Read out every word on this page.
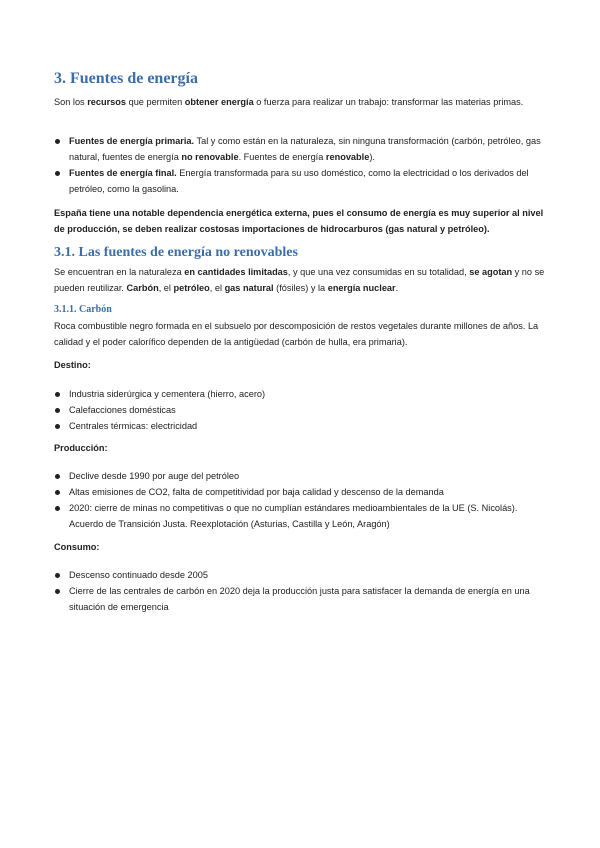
3. Fuentes de energía

Son los recursos que permiten obtener energía o fuerza para realizar un trabajo: transformar las materias primas.

Fuentes de energía primaria. Tal y como están en la naturaleza, sin ninguna transformación (carbón, petróleo, gas natural, fuentes de energía no renovable. Fuentes de energía renovable).
Fuentes de energía final. Energía transformada para su uso doméstico, como la electricidad o los derivados del petróleo, como la gasolina.

España tiene una notable dependencia energética externa, pues el consumo de energía es muy superior al nivel de producción, se deben realizar costosas importaciones de hidrocarburos (gas natural y petróleo).

3.1. Las fuentes de energía no renovables

Se encuentran en la naturaleza en cantidades limitadas, y que una vez consumidas en su totalidad, se agotan y no se pueden reutilizar. Carbón, el petróleo, el gas natural (fósiles) y la energía nuclear.

3.1.1. Carbón

Roca combustible negro formada en el subsuelo por descomposición de restos vegetales durante millones de años. La calidad y el poder calorífico dependen de la antigüedad (carbón de hulla, era primaria).

Destino:

Industria siderúrgica y cementera (hierro, acero)
Calefacciones domésticas
Centrales térmicas: electricidad

Producción:

Declive desde 1990 por auge del petróleo
Altas emisiones de CO2, falta de competitividad por baja calidad y descenso de la demanda
2020: cierre de minas no competitivas o que no cumplían estándares medioambientales de la UE (S. Nicolás). Acuerdo de Transición Justa. Reexplotación (Asturias, Castilla y León, Aragón)

Consumo:

Descenso continuado desde 2005
Cierre de las centrales de carbón en 2020 deja la producción justa para satisfacer la demanda de energía en una situación de emergencia
